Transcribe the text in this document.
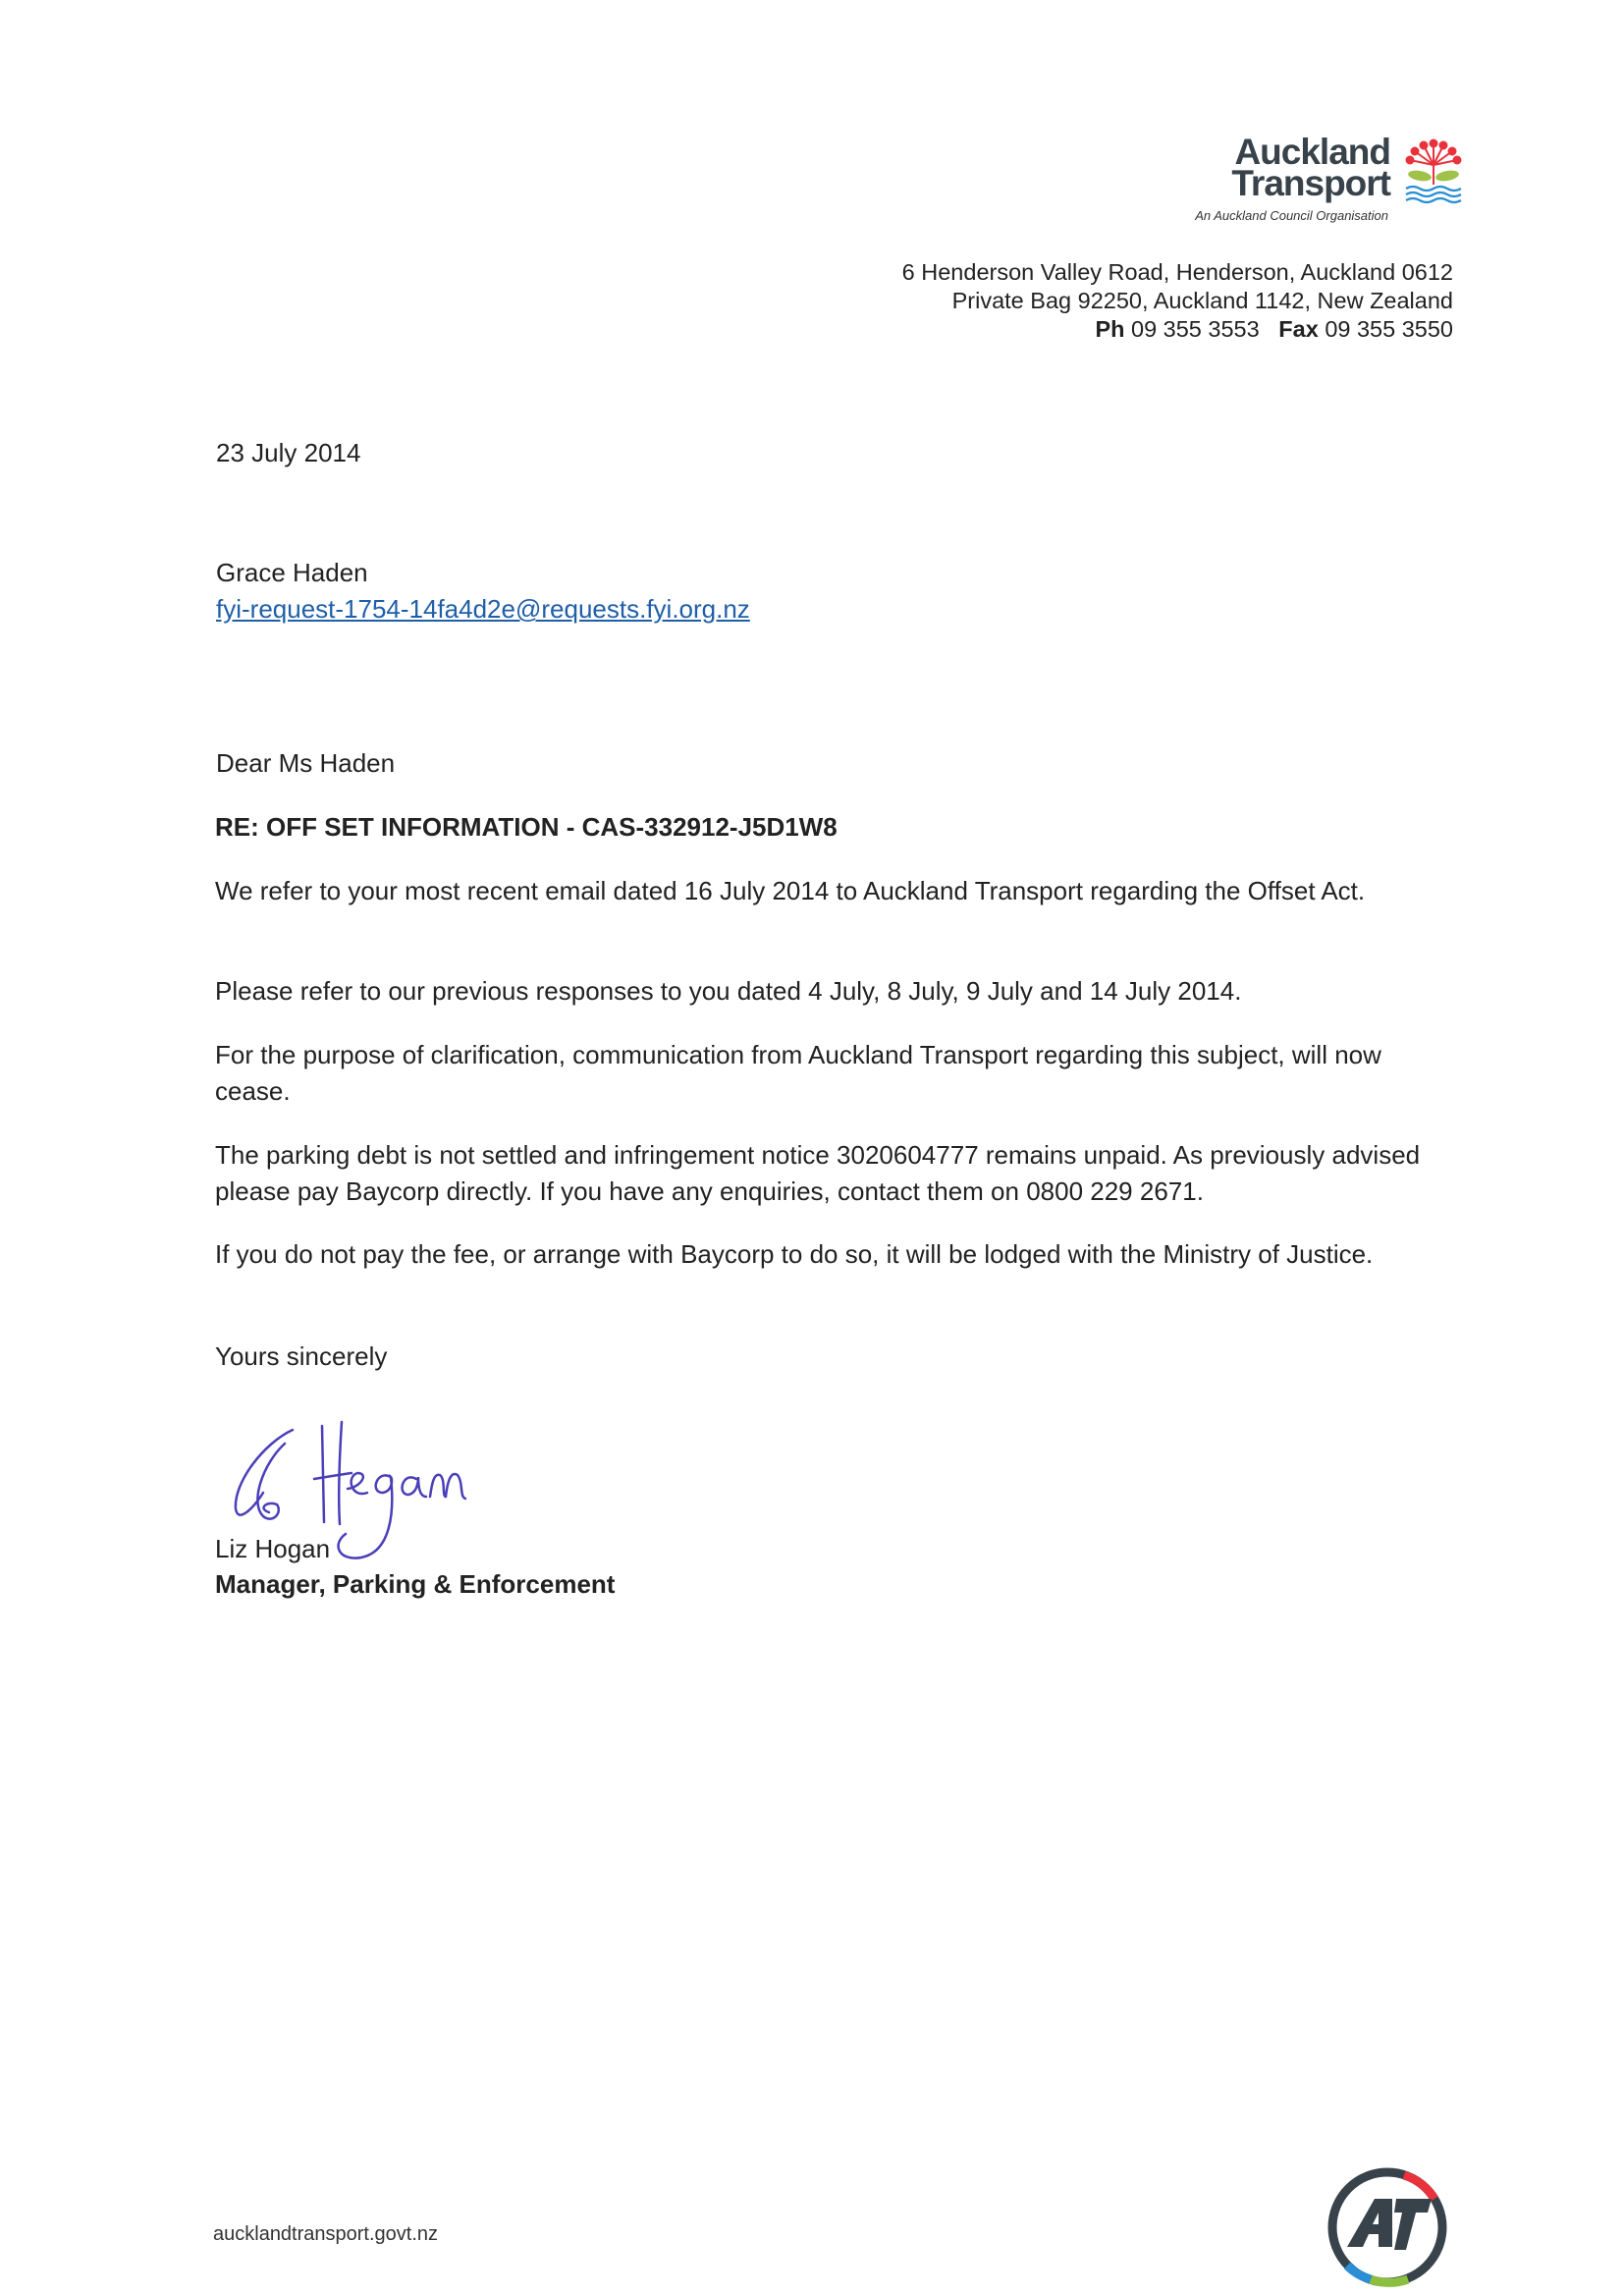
Auckland
Transport
An Auckland Council Organisation
6 Henderson Valley Road, Henderson, Auckland 0612
Private Bag 92250, Auckland 1142, New Zealand
Ph 09 355 3553 Fax 09 355 3550
23 July 2014
Grace Haden
fyi-request-1754-14fa4d2e@requests.fyi.org.nz
Dear Ms Haden
RE: OFF SET INFORMATION - CAS-332912-J5D1W8
We refer to your most recent email dated 16 July 2014 to Auckland Transport regarding the Offset Act.
Please refer to our previous responses to you dated 4 July, 8 July, 9 July and 14 July 2014.
For the purpose of clarification, communication from Auckland Transport regarding this subject, will now cease.
The parking debt is not settled and infringement notice 3020604777 remains unpaid. As previously advised please pay Baycorp directly. If you have any enquiries, contact them on 0800 229 2671.
If you do not pay the fee, or arrange with Baycorp to do so, it will be lodged with the Ministry of Justice.
Yours sincerely
Liz Hogan
Manager, Parking & Enforcement
aucklandtransport.govt.nz
